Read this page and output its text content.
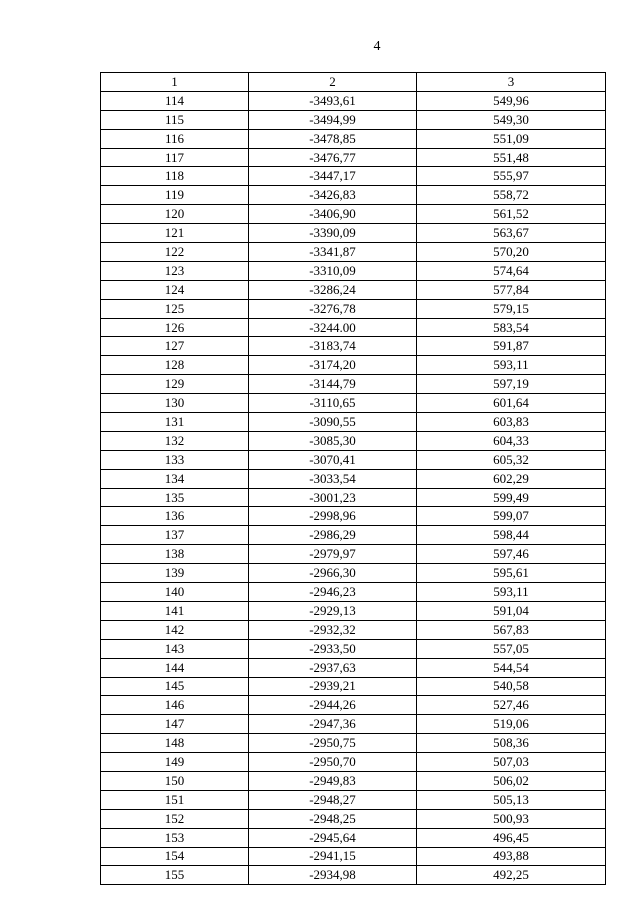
4
1	2	3
114	-3493,61	549,96
115	-3494,99	549,30
116	-3478,85	551,09
117	-3476,77	551,48
118	-3447,17	555,97
119	-3426,83	558,72
120	-3406,90	561,52
121	-3390,09	563,67
122	-3341,87	570,20
123	-3310,09	574,64
124	-3286,24	577,84
125	-3276,78	579,15
126	-3244.00	583,54
127	-3183,74	591,87
128	-3174,20	593,11
129	-3144,79	597,19
130	-3110,65	601,64
131	-3090,55	603,83
132	-3085,30	604,33
133	-3070,41	605,32
134	-3033,54	602,29
135	-3001,23	599,49
136	-2998,96	599,07
137	-2986,29	598,44
138	-2979,97	597,46
139	-2966,30	595,61
140	-2946,23	593,11
141	-2929,13	591,04
142	-2932,32	567,83
143	-2933,50	557,05
144	-2937,63	544,54
145	-2939,21	540,58
146	-2944,26	527,46
147	-2947,36	519,06
148	-2950,75	508,36
149	-2950,70	507,03
150	-2949,83	506,02
151	-2948,27	505,13
152	-2948,25	500,93
153	-2945,64	496,45
154	-2941,15	493,88
155	-2934,98	492,25
